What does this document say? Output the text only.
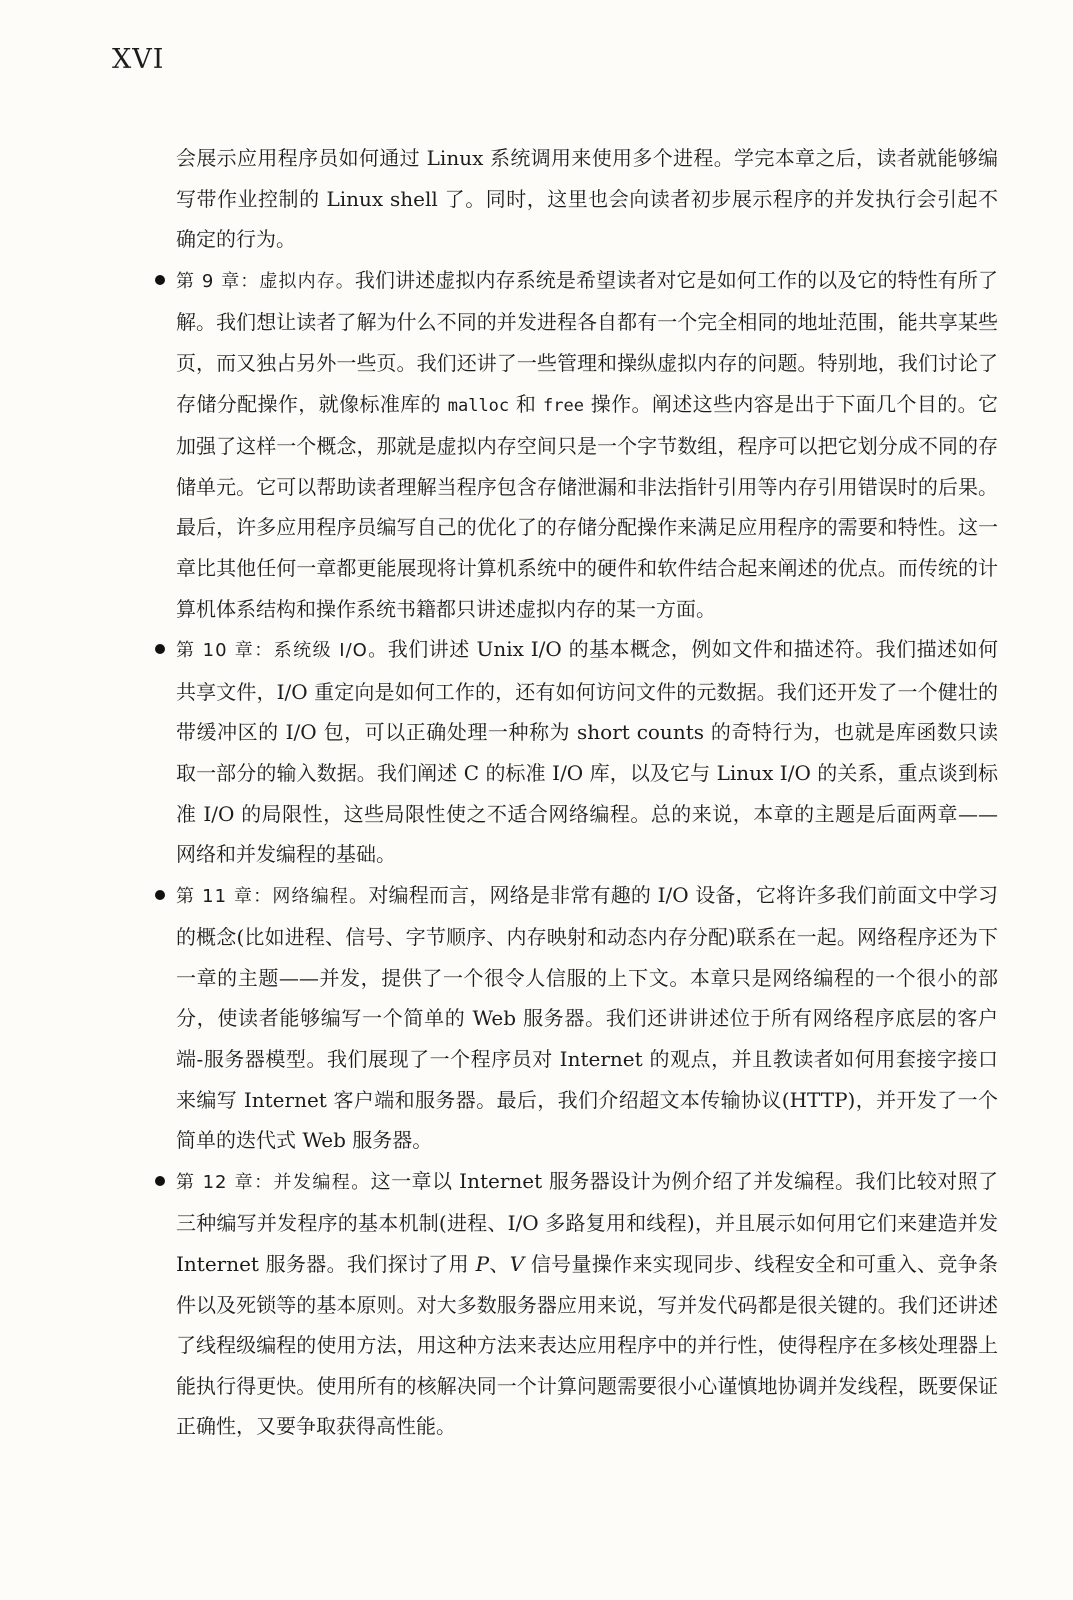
XVI

会展示应用程序员如何通过 Linux 系统调用来使用多个进程。学完本章之后，读者就能够编写带作业控制的 Linux shell 了。同时，这里也会向读者初步展示程序的并发执行会引起不确定的行为。

第 9 章：虚拟内存。我们讲述虚拟内存系统是希望读者对它是如何工作的以及它的特性有所了解。我们想让读者了解为什么不同的并发进程各自都有一个完全相同的地址范围，能共享某些页，而又独占另外一些页。我们还讲了一些管理和操纵虚拟内存的问题。特别地，我们讨论了存储分配操作，就像标准库的 malloc 和 free 操作。阐述这些内容是出于下面几个目的。它加强了这样一个概念，那就是虚拟内存空间只是一个字节数组，程序可以把它划分成不同的存储单元。它可以帮助读者理解当程序包含存储泄漏和非法指针引用等内存引用错误时的后果。最后，许多应用程序员编写自己的优化了的存储分配操作来满足应用程序的需要和特性。这一章比其他任何一章都更能展现将计算机系统中的硬件和软件结合起来阐述的优点。而传统的计算机体系结构和操作系统书籍都只讲述虚拟内存的某一方面。
第 10 章：系统级 I/O。我们讲述 Unix I/O 的基本概念，例如文件和描述符。我们描述如何共享文件，I/O 重定向是如何工作的，还有如何访问文件的元数据。我们还开发了一个健壮的带缓冲区的 I/O 包，可以正确处理一种称为 short counts 的奇特行为，也就是库函数只读取一部分的输入数据。我们阐述 C 的标准 I/O 库，以及它与 Linux I/O 的关系，重点谈到标准 I/O 的局限性，这些局限性使之不适合网络编程。总的来说，本章的主题是后面两章——网络和并发编程的基础。
第 11 章：网络编程。对编程而言，网络是非常有趣的 I/O 设备，它将许多我们前面文中学习的概念(比如进程、信号、字节顺序、内存映射和动态内存分配)联系在一起。网络程序还为下一章的主题——并发，提供了一个很令人信服的上下文。本章只是网络编程的一个很小的部分，使读者能够编写一个简单的 Web 服务器。我们还讲讲述位于所有网络程序底层的客户端-服务器模型。我们展现了一个程序员对 Internet 的观点，并且教读者如何用套接字接口来编写 Internet 客户端和服务器。最后，我们介绍超文本传输协议(HTTP)，并开发了一个简单的迭代式 Web 服务器。
第 12 章：并发编程。这一章以 Internet 服务器设计为例介绍了并发编程。我们比较对照了三种编写并发程序的基本机制(进程、I/O 多路复用和线程)，并且展示如何用它们来建造并发 Internet 服务器。我们探讨了用 P、V 信号量操作来实现同步、线程安全和可重入、竞争条件以及死锁等的基本原则。对大多数服务器应用来说，写并发代码都是很关键的。我们还讲述了线程级编程的使用方法，用这种方法来表达应用程序中的并行性，使得程序在多核处理器上能执行得更快。使用所有的核解决同一个计算问题需要很小心谨慎地协调并发线程，既要保证正确性，又要争取获得高性能。
